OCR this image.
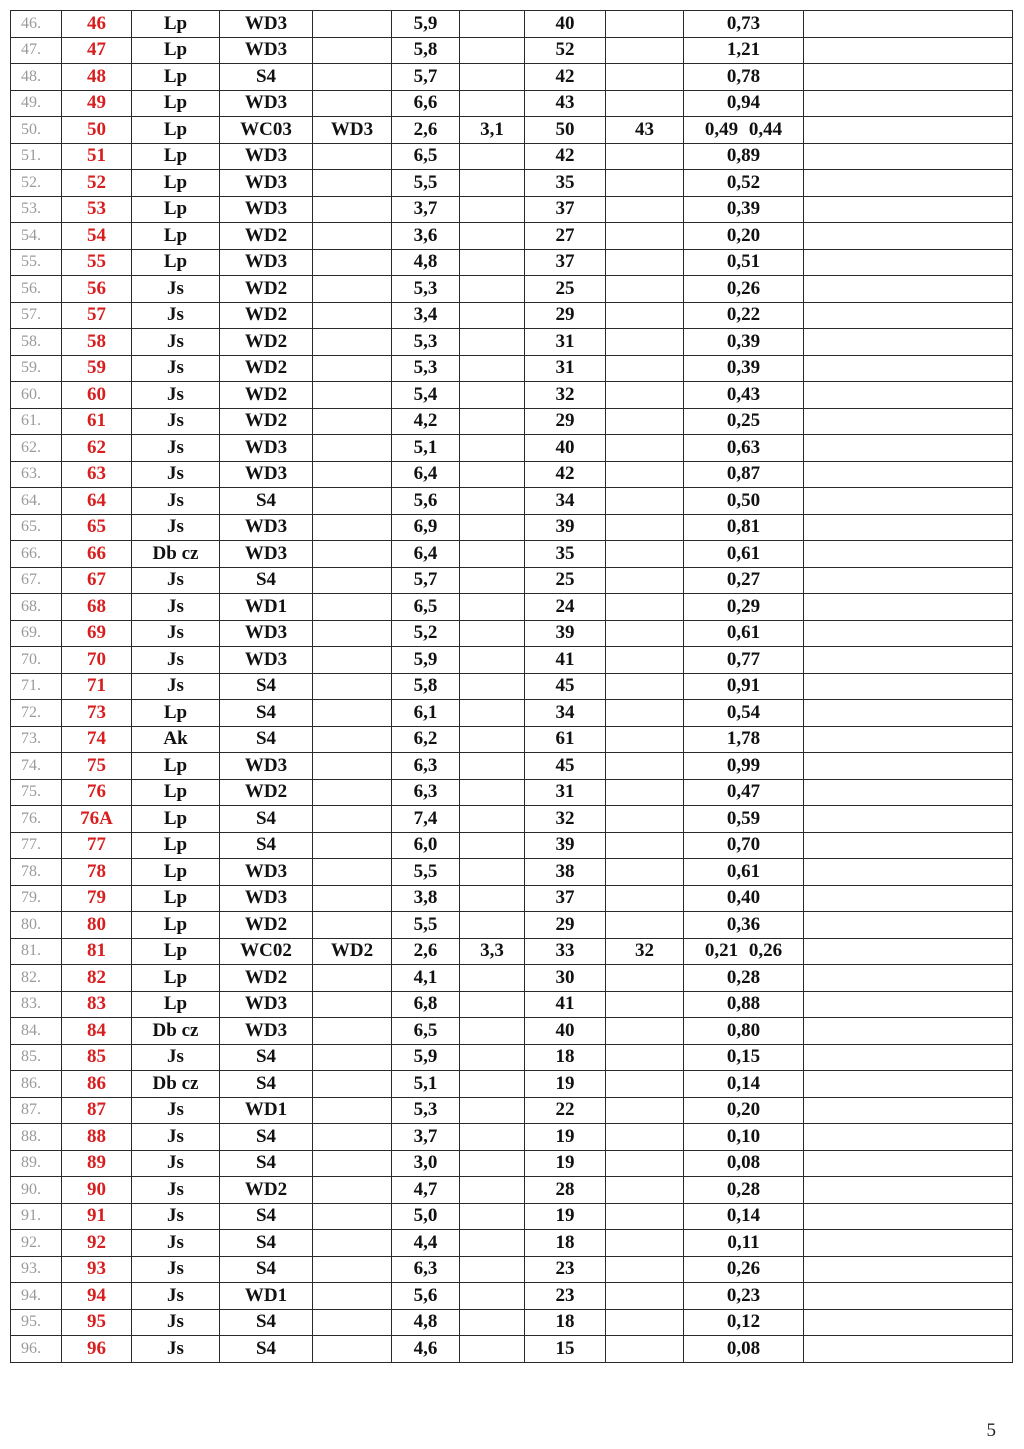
46.	46	Lp	WD3		5,9		40		0,73	
47.	47	Lp	WD3		5,8		52		1,21	
48.	48	Lp	S4		5,7		42		0,78	
49.	49	Lp	WD3		6,6		43		0,94	
50.	50	Lp	WC03	WD3	2,6	3,1	50	43	0,49 0,44	
51.	51	Lp	WD3		6,5		42		0,89	
52.	52	Lp	WD3		5,5		35		0,52	
53.	53	Lp	WD3		3,7		37		0,39	
54.	54	Lp	WD2		3,6		27		0,20	
55.	55	Lp	WD3		4,8		37		0,51	
56.	56	Js	WD2		5,3		25		0,26	
57.	57	Js	WD2		3,4		29		0,22	
58.	58	Js	WD2		5,3		31		0,39	
59.	59	Js	WD2		5,3		31		0,39	
60.	60	Js	WD2		5,4		32		0,43	
61.	61	Js	WD2		4,2		29		0,25	
62.	62	Js	WD3		5,1		40		0,63	
63.	63	Js	WD3		6,4		42		0,87	
64.	64	Js	S4		5,6		34		0,50	
65.	65	Js	WD3		6,9		39		0,81	
66.	66	Db cz	WD3		6,4		35		0,61	
67.	67	Js	S4		5,7		25		0,27	
68.	68	Js	WD1		6,5		24		0,29	
69.	69	Js	WD3		5,2		39		0,61	
70.	70	Js	WD3		5,9		41		0,77	
71.	71	Js	S4		5,8		45		0,91	
72.	73	Lp	S4		6,1		34		0,54	
73.	74	Ak	S4		6,2		61		1,78	
74.	75	Lp	WD3		6,3		45		0,99	
75.	76	Lp	WD2		6,3		31		0,47	
76.	76A	Lp	S4		7,4		32		0,59	
77.	77	Lp	S4		6,0		39		0,70	
78.	78	Lp	WD3		5,5		38		0,61	
79.	79	Lp	WD3		3,8		37		0,40	
80.	80	Lp	WD2		5,5		29		0,36	
81.	81	Lp	WC02	WD2	2,6	3,3	33	32	0,21 0,26	
82.	82	Lp	WD2		4,1		30		0,28	
83.	83	Lp	WD3		6,8		41		0,88	
84.	84	Db cz	WD3		6,5		40		0,80	
85.	85	Js	S4		5,9		18		0,15	
86.	86	Db cz	S4		5,1		19		0,14	
87.	87	Js	WD1		5,3		22		0,20	
88.	88	Js	S4		3,7		19		0,10	
89.	89	Js	S4		3,0		19		0,08	
90.	90	Js	WD2		4,7		28		0,28	
91.	91	Js	S4		5,0		19		0,14	
92.	92	Js	S4		4,4		18		0,11	
93.	93	Js	S4		6,3		23		0,26	
94.	94	Js	WD1		5,6		23		0,23	
95.	95	Js	S4		4,8		18		0,12	
96.	96	Js	S4		4,6		15		0,08	
5
